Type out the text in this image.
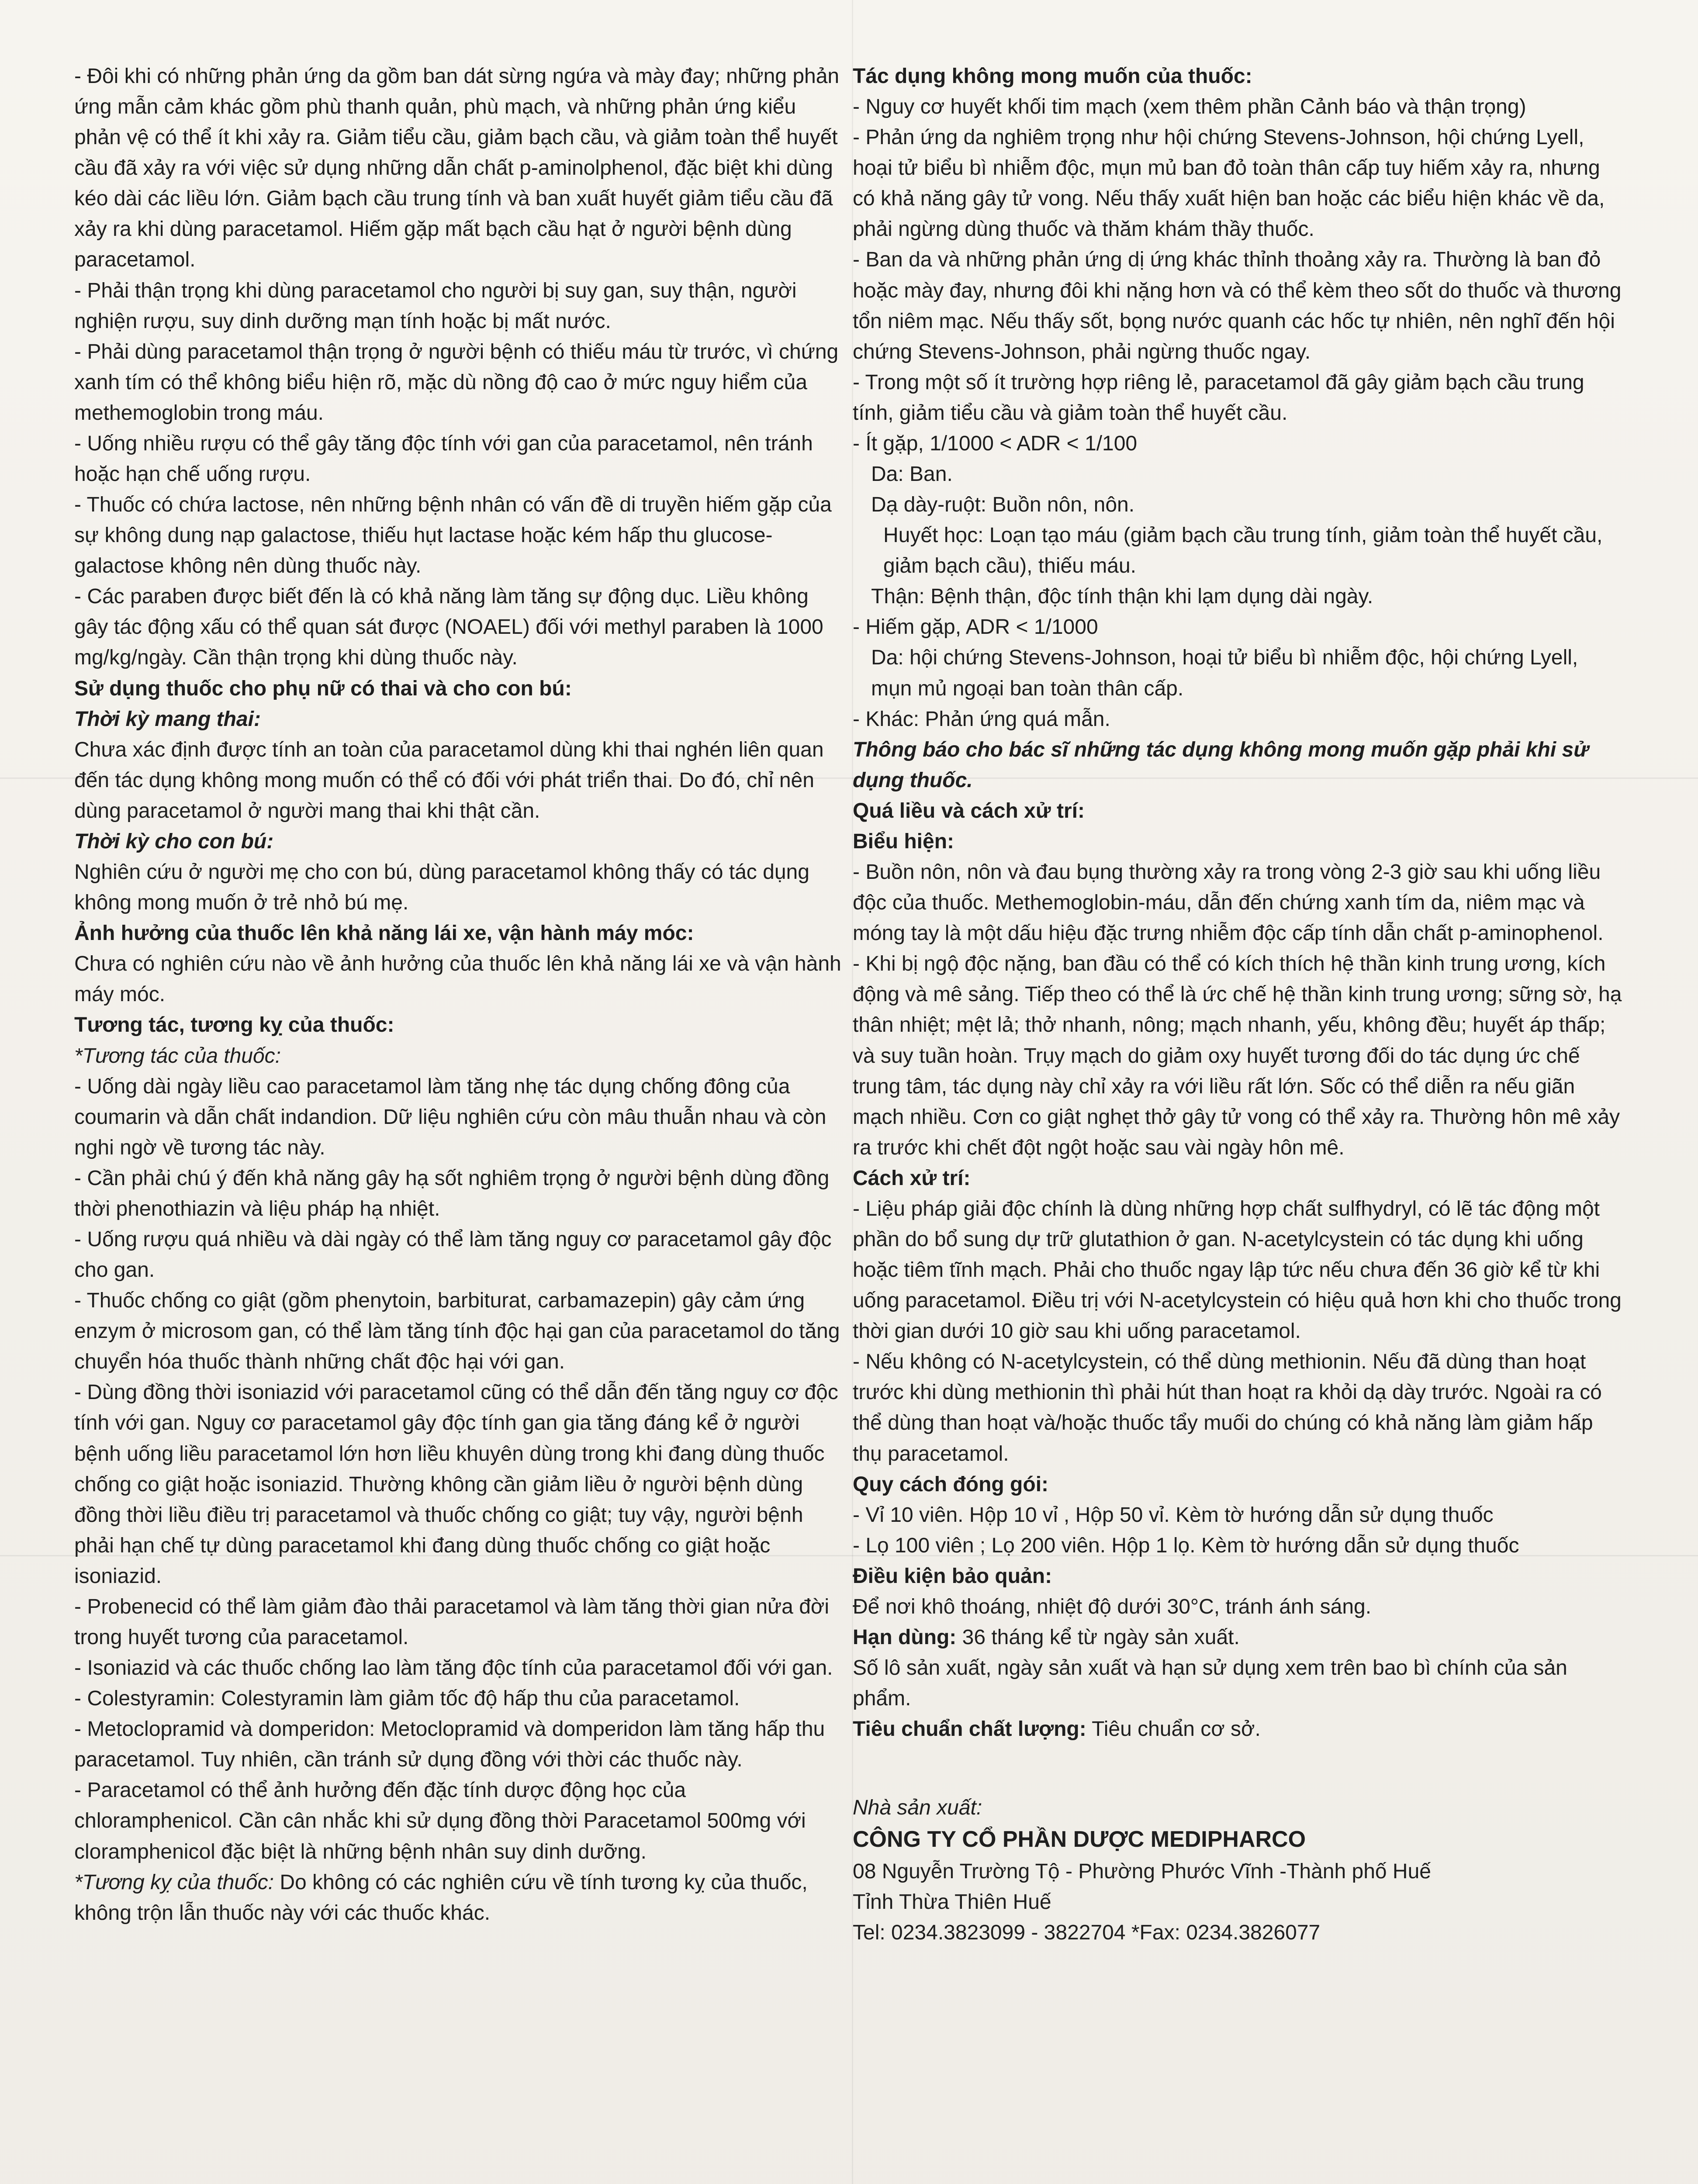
- Đôi khi có những phản ứng da gồm ban dát sừng ngứa và mày đay; những phản ứng mẫn cảm khác gồm phù thanh quản, phù mạch, và những phản ứng kiểu phản vệ có thể ít khi xảy ra. Giảm tiểu cầu, giảm bạch cầu, và giảm toàn thể huyết cầu đã xảy ra với việc sử dụng những dẫn chất p-aminolphenol, đặc biệt khi dùng kéo dài các liều lớn. Giảm bạch cầu trung tính và ban xuất huyết giảm tiểu cầu đã xảy ra khi dùng paracetamol. Hiếm gặp mất bạch cầu hạt ở người bệnh dùng paracetamol.

- Phải thận trọng khi dùng paracetamol cho người bị suy gan, suy thận, người nghiện rượu, suy dinh dưỡng mạn tính hoặc bị mất nước.

- Phải dùng paracetamol thận trọng ở người bệnh có thiếu máu từ trước, vì chứng xanh tím có thể không biểu hiện rõ, mặc dù nồng độ cao ở mức nguy hiểm của methemoglobin trong máu.

- Uống nhiều rượu có thể gây tăng độc tính với gan của paracetamol, nên tránh hoặc hạn chế uống rượu.

- Thuốc có chứa lactose, nên những bệnh nhân có vấn đề di truyền hiếm gặp của sự không dung nạp galactose, thiếu hụt lactase hoặc kém hấp thu glucose-galactose không nên dùng thuốc này.

- Các paraben được biết đến là có khả năng làm tăng sự động dục. Liều không gây tác động xấu có thể quan sát được (NOAEL) đối với methyl paraben là 1000 mg/kg/ngày. Cần thận trọng khi dùng thuốc này.

Sử dụng thuốc cho phụ nữ có thai và cho con bú:

Thời kỳ mang thai:

Chưa xác định được tính an toàn của paracetamol dùng khi thai nghén liên quan đến tác dụng không mong muốn có thể có đối với phát triển thai. Do đó, chỉ nên dùng paracetamol ở người mang thai khi thật cần.

Thời kỳ cho con bú:

Nghiên cứu ở người mẹ cho con bú, dùng paracetamol không thấy có tác dụng không mong muốn ở trẻ nhỏ bú mẹ.

Ảnh hưởng của thuốc lên khả năng lái xe, vận hành máy móc:

Chưa có nghiên cứu nào về ảnh hưởng của thuốc lên khả năng lái xe và vận hành máy móc.

Tương tác, tương kỵ của thuốc:

*Tương tác của thuốc:

- Uống dài ngày liều cao paracetamol làm tăng nhẹ tác dụng chống đông của coumarin và dẫn chất indandion. Dữ liệu nghiên cứu còn mâu thuẫn nhau và còn nghi ngờ về tương tác này.

- Cần phải chú ý đến khả năng gây hạ sốt nghiêm trọng ở người bệnh dùng đồng thời phenothiazin và liệu pháp hạ nhiệt.

- Uống rượu quá nhiều và dài ngày có thể làm tăng nguy cơ paracetamol gây độc cho gan.

- Thuốc chống co giật (gồm phenytoin, barbiturat, carbamazepin) gây cảm ứng enzym ở microsom gan, có thể làm tăng tính độc hại gan của paracetamol do tăng chuyển hóa thuốc thành những chất độc hại với gan.

- Dùng đồng thời isoniazid với paracetamol cũng có thể dẫn đến tăng nguy cơ độc tính với gan. Nguy cơ paracetamol gây độc tính gan gia tăng đáng kể ở người bệnh uống liều paracetamol lớn hơn liều khuyên dùng trong khi đang dùng thuốc chống co giật hoặc isoniazid. Thường không cần giảm liều ở người bệnh dùng đồng thời liều điều trị paracetamol và thuốc chống co giật; tuy vậy, người bệnh phải hạn chế tự dùng paracetamol khi đang dùng thuốc chống co giật hoặc isoniazid.

- Probenecid có thể làm giảm đào thải paracetamol và làm tăng thời gian nửa đời trong huyết tương của paracetamol.

- Isoniazid và các thuốc chống lao làm tăng độc tính của paracetamol đối với gan.

- Colestyramin: Colestyramin làm giảm tốc độ hấp thu của paracetamol.

- Metoclopramid và domperidon: Metoclopramid và domperidon làm tăng hấp thu paracetamol. Tuy nhiên, cần tránh sử dụng đồng với thời các thuốc này.

- Paracetamol có thể ảnh hưởng đến đặc tính dược động học của chloramphenicol. Cần cân nhắc khi sử dụng đồng thời Paracetamol 500mg với cloramphenicol đặc biệt là những bệnh nhân suy dinh dưỡng.

*Tương kỵ của thuốc: Do không có các nghiên cứu về tính tương kỵ của thuốc, không trộn lẫn thuốc này với các thuốc khác.

Tác dụng không mong muốn của thuốc:

- Nguy cơ huyết khối tim mạch (xem thêm phần Cảnh báo và thận trọng)

- Phản ứng da nghiêm trọng như hội chứng Stevens-Johnson, hội chứng Lyell, hoại tử biểu bì nhiễm độc, mụn mủ ban đỏ toàn thân cấp tuy hiếm xảy ra, nhưng có khả năng gây tử vong. Nếu thấy xuất hiện ban hoặc các biểu hiện khác về da, phải ngừng dùng thuốc và thăm khám thầy thuốc.

- Ban da và những phản ứng dị ứng khác thỉnh thoảng xảy ra. Thường là ban đỏ hoặc mày đay, nhưng đôi khi nặng hơn và có thể kèm theo sốt do thuốc và thương tổn niêm mạc. Nếu thấy sốt, bọng nước quanh các hốc tự nhiên, nên nghĩ đến hội chứng Stevens-Johnson, phải ngừng thuốc ngay.

- Trong một số ít trường hợp riêng lẻ, paracetamol đã gây giảm bạch cầu trung tính, giảm tiểu cầu và giảm toàn thể huyết cầu.

- Ít gặp, 1/1000 < ADR < 1/100

Da: Ban.

Dạ dày-ruột: Buồn nôn, nôn.

Huyết học: Loạn tạo máu (giảm bạch cầu trung tính, giảm toàn thể huyết cầu, giảm bạch cầu), thiếu máu.

Thận: Bệnh thận, độc tính thận khi lạm dụng dài ngày.

- Hiếm gặp, ADR < 1/1000

Da: hội chứng Stevens-Johnson, hoại tử biểu bì nhiễm độc, hội chứng Lyell, mụn mủ ngoại ban toàn thân cấp.

- Khác: Phản ứng quá mẫn.

Thông báo cho bác sĩ những tác dụng không mong muốn gặp phải khi sử dụng thuốc.

Quá liều và cách xử trí:

Biểu hiện:

- Buồn nôn, nôn và đau bụng thường xảy ra trong vòng 2-3 giờ sau khi uống liều độc của thuốc. Methemoglobin-máu, dẫn đến chứng xanh tím da, niêm mạc và móng tay là một dấu hiệu đặc trưng nhiễm độc cấp tính dẫn chất p-aminophenol.

- Khi bị ngộ độc nặng, ban đầu có thể có kích thích hệ thần kinh trung ương, kích động và mê sảng. Tiếp theo có thể là ức chế hệ thần kinh trung ương; sững sờ, hạ thân nhiệt; mệt lả; thở nhanh, nông; mạch nhanh, yếu, không đều; huyết áp thấp; và suy tuần hoàn. Trụy mạch do giảm oxy huyết tương đối do tác dụng ức chế trung tâm, tác dụng này chỉ xảy ra với liều rất lớn. Sốc có thể diễn ra nếu giãn mạch nhiều. Cơn co giật nghẹt thở gây tử vong có thể xảy ra. Thường hôn mê xảy ra trước khi chết đột ngột hoặc sau vài ngày hôn mê.

Cách xử trí:

- Liệu pháp giải độc chính là dùng những hợp chất sulfhydryl, có lẽ tác động một phần do bổ sung dự trữ glutathion ở gan. N-acetylcystein có tác dụng khi uống hoặc tiêm tĩnh mạch. Phải cho thuốc ngay lập tức nếu chưa đến 36 giờ kể từ khi uống paracetamol. Điều trị với N-acetylcystein có hiệu quả hơn khi cho thuốc trong thời gian dưới 10 giờ sau khi uống paracetamol.

- Nếu không có N-acetylcystein, có thể dùng methionin. Nếu đã dùng than hoạt trước khi dùng methionin thì phải hút than hoạt ra khỏi dạ dày trước. Ngoài ra có thể dùng than hoạt và/hoặc thuốc tẩy muối do chúng có khả năng làm giảm hấp thụ paracetamol.

Quy cách đóng gói:

- Vỉ 10 viên. Hộp 10 vỉ , Hộp 50 vỉ. Kèm tờ hướng dẫn sử dụng thuốc

- Lọ 100 viên ; Lọ 200 viên. Hộp 1 lọ. Kèm tờ hướng dẫn sử dụng thuốc

Điều kiện bảo quản:

Để nơi khô thoáng, nhiệt độ dưới 30°C, tránh ánh sáng.

Hạn dùng: 36 tháng kể từ ngày sản xuất.

Số lô sản xuất, ngày sản xuất và hạn sử dụng xem trên bao bì chính của sản phẩm.

Tiêu chuẩn chất lượng: Tiêu chuẩn cơ sở.

Nhà sản xuất:

CÔNG TY CỔ PHẦN DƯỢC MEDIPHARCO

08 Nguyễn Trường Tộ - Phường Phước Vĩnh -Thành phố Huế

Tỉnh Thừa Thiên Huế

Tel: 0234.3823099 - 3822704 *Fax: 0234.3826077
